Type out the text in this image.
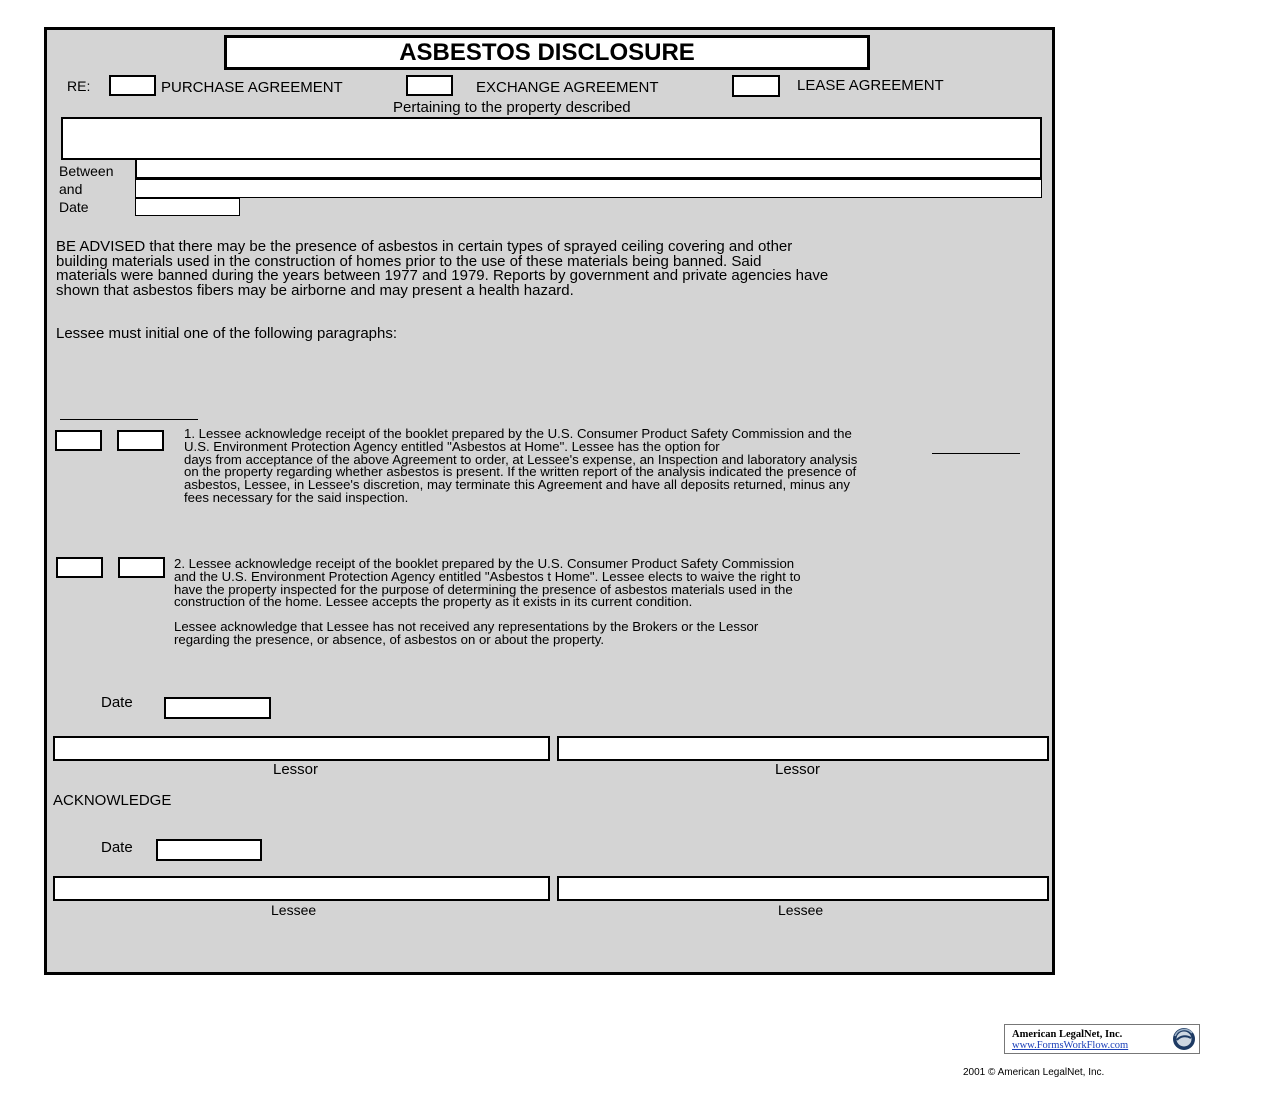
ASBESTOS DISCLOSURE
RE:	PURCHASE AGREEMENT	EXCHANGE AGREEMENT	LEASE AGREEMENT
Pertaining to the property described
Between
and
Date
BE ADVISED that there may be the presence of asbestos in certain types of sprayed ceiling covering and other
building materials used in the construction of homes prior to the use of these materials being banned. Said
materials were banned during the years between 1977 and 1979. Reports by government and private agencies have
shown that asbestos fibers may be airborne and may present a health hazard.
Lessee must initial one of the following paragraphs:
1. Lessee acknowledge receipt of the booklet prepared by the U.S. Consumer Product Safety Commission and the
U.S. Environment Protection Agency entitled "Asbestos at Home". Lessee has the option for
days from acceptance of the above Agreement to order, at Lessee's expense, an Inspection and laboratory analysis
on the property regarding whether asbestos is present. If the written report of the analysis indicated the presence of
asbestos, Lessee, in Lessee's discretion, may terminate this Agreement and have all deposits returned, minus any
fees necessary for the said inspection.
2. Lessee acknowledge receipt of the booklet prepared by the U.S. Consumer Product Safety Commission
and the U.S. Environment Protection Agency entitled "Asbestos t Home". Lessee elects to waive the right to
have the property inspected for the purpose of determining the presence of asbestos materials used in the
construction of the home. Lessee accepts the property as it exists in its current condition.
Lessee acknowledge that Lessee has not received any representations by the Brokers or the Lessor
regarding the presence, or absence, of asbestos on or about the property.
Date
Lessor	Lessor
ACKNOWLEDGE
Date
Lessee	Lessee
American LegalNet, Inc.
www.FormsWorkFlow.com
2001 © American LegalNet, Inc.
